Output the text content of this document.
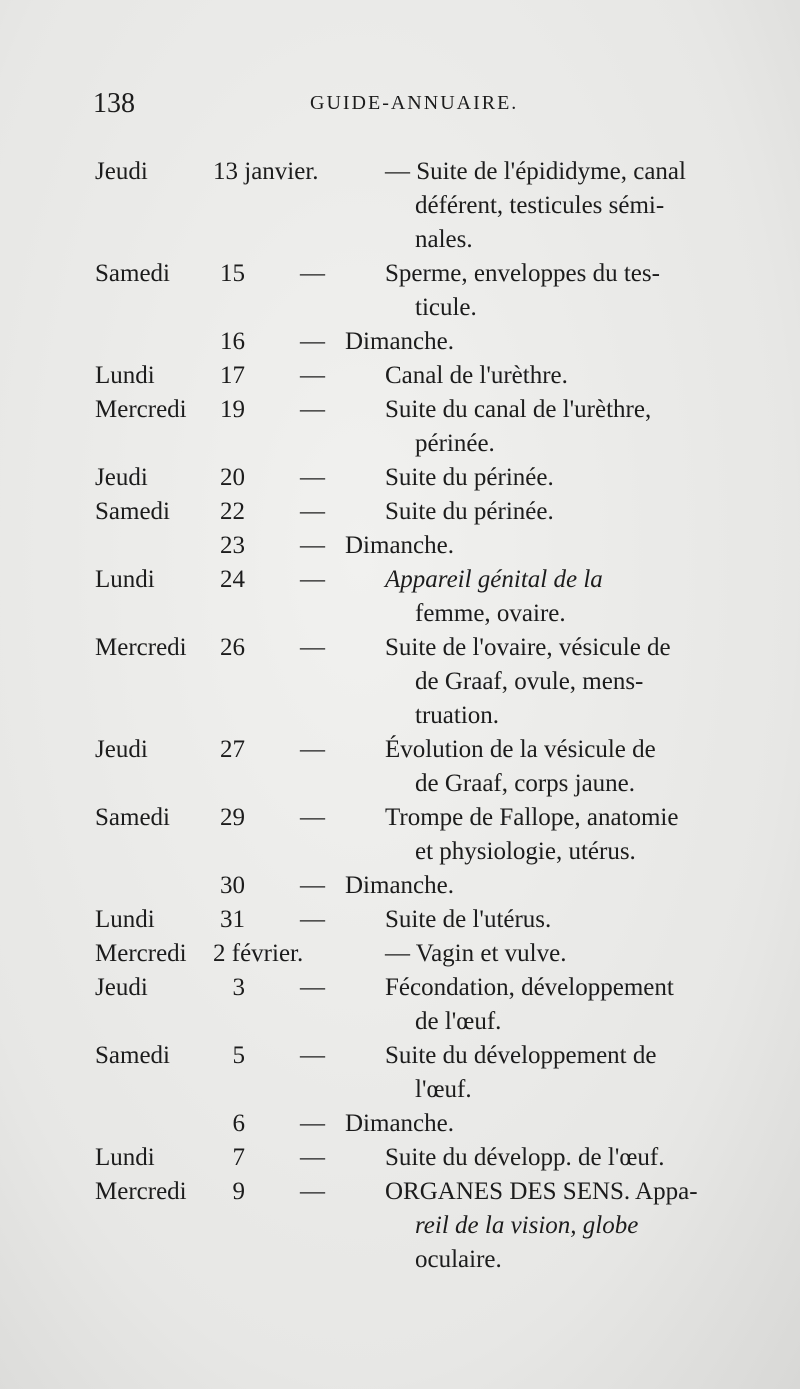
138	GUIDE-ANNUAIRE.
Jeudi	13 janvier.	— Suite de l'épididyme, canal
déférent, testicules sémi-
nales.
Samedi	15 — Sperme, enveloppes du tes-
ticule.
16 — Dimanche.
Lundi	17 — Canal de l'urèthre.
Mercredi	19 — Suite du canal de l'urèthre,
périnée.
Jeudi	20 — Suite du périnée.
Samedi	22 — Suite du périnée.
23 — Dimanche.
Lundi	24 — Appareil génital de la
femme, ovaire.
Mercredi	26 — Suite de l'ovaire, vésicule de
de Graaf, ovule, mens-
truation.
Jeudi	27 — Évolution de la vésicule de
de Graaf, corps jaune.
Samedi	29 — Trompe de Fallope, anatomie
et physiologie, utérus.
30 — Dimanche.
Lundi	31 — Suite de l'utérus.
Mercredi 2 février.	— Vagin et vulve.
Jeudi	3 — Fécondation, développement
de l'œuf.
Samedi	5 — Suite du développement de
l'œuf.
6 — Dimanche.
Lundi	7 — Suite du développ. de l'œuf.
Mercredi	9 — ORGANES DES SENS. Appa-
reil de la vision, globe
oculaire.
